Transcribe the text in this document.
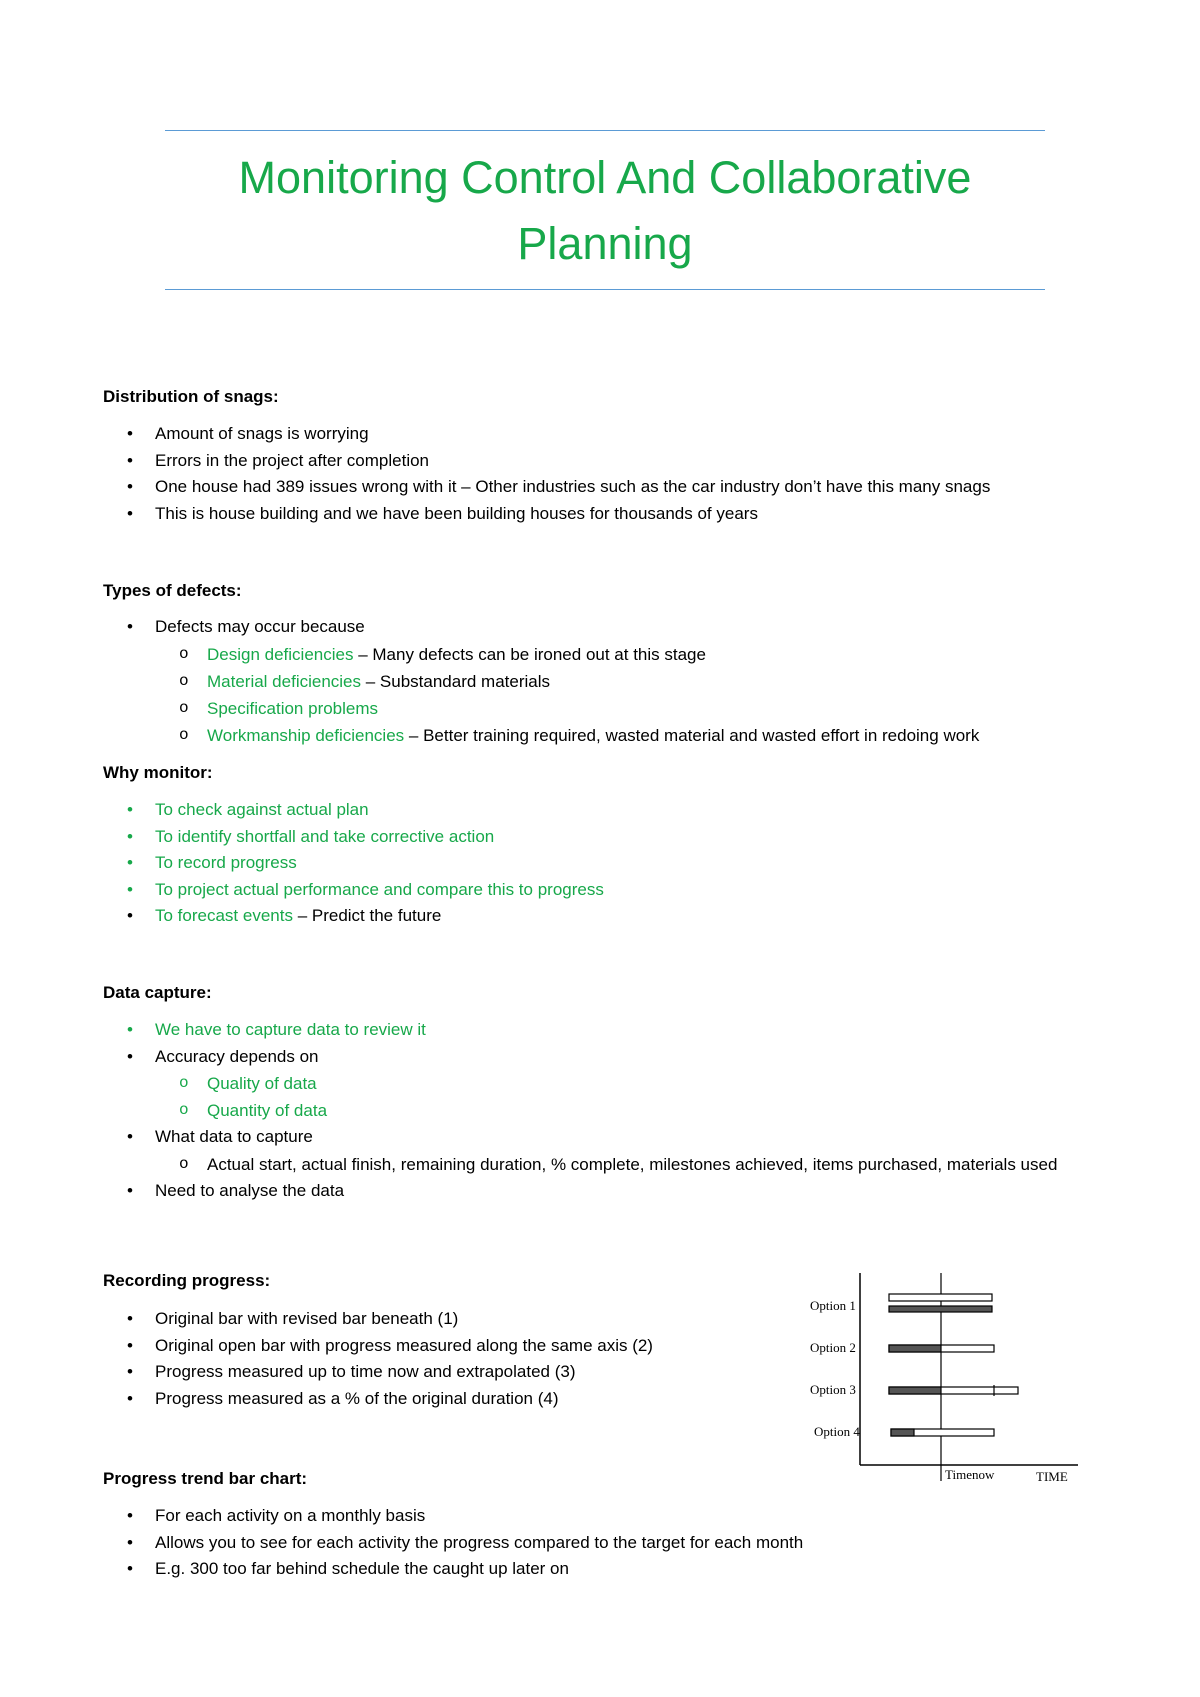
Monitoring Control And Collaborative Planning
Distribution of snags:
• Amount of snags is worrying
• Errors in the project after completion
• One house had 389 issues wrong with it – Other industries such as the car industry don’t have this many snags
• This is house building and we have been building houses for thousands of years
Types of defects:
• Defects may occur because
o Design deficiencies – Many defects can be ironed out at this stage
o Material deficiencies – Substandard materials
o Specification problems
o Workmanship deficiencies – Better training required, wasted material and wasted effort in redoing work
Why monitor:
• To check against actual plan
• To identify shortfall and take corrective action
• To record progress
• To project actual performance and compare this to progress
• To forecast events – Predict the future
Data capture:
• We have to capture data to review it
• Accuracy depends on
o Quality of data
o Quantity of data
• What data to capture
o Actual start, actual finish, remaining duration, % complete, milestones achieved, items purchased, materials used
• Need to analyse the data
Recording progress:
• Original bar with revised bar beneath (1)
• Original open bar with progress measured along the same axis (2)
• Progress measured up to time now and extrapolated (3)
• Progress measured as a % of the original duration (4)
Option 1
Option 2
Option 3
Option 4
Timenow	TIME
Progress trend bar chart:
• For each activity on a monthly basis
• Allows you to see for each activity the progress compared to the target for each month
• E.g. 300 too far behind schedule the caught up later on
